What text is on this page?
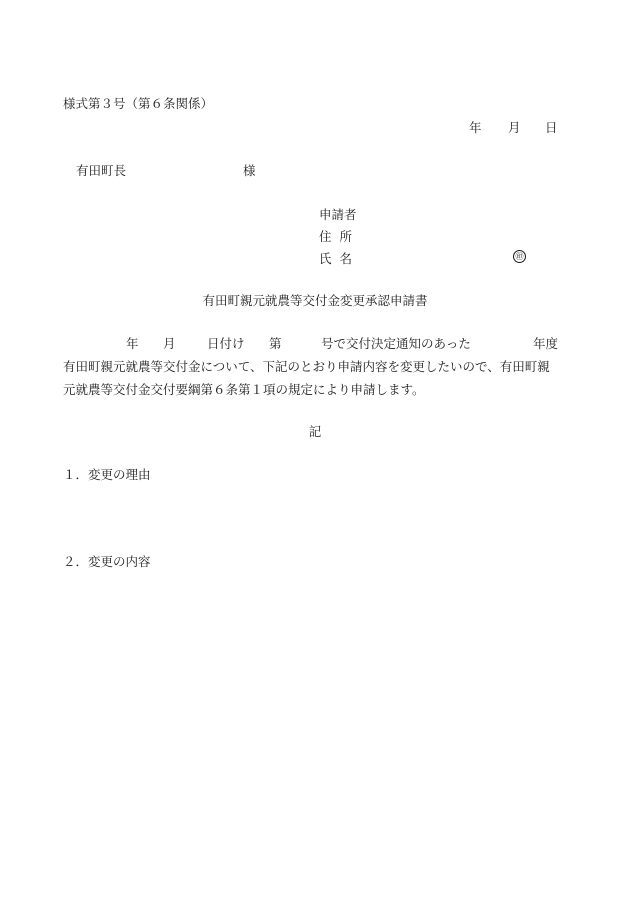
様式第３号（第６条関係）
年 月 日
有田町長	様
申請者
住所
氏名	㊞
有田町親元就農等交付金変更承認申請書
年 月	日付け 第	号で交付決定通知のあった	年度
有田町親元就農等交付金について、下記のとおり申請内容を変更したいので、有田町親
元就農等交付金交付要綱第６条第１項の規定により申請します。
記
１．変更の理由
２．変更の内容
